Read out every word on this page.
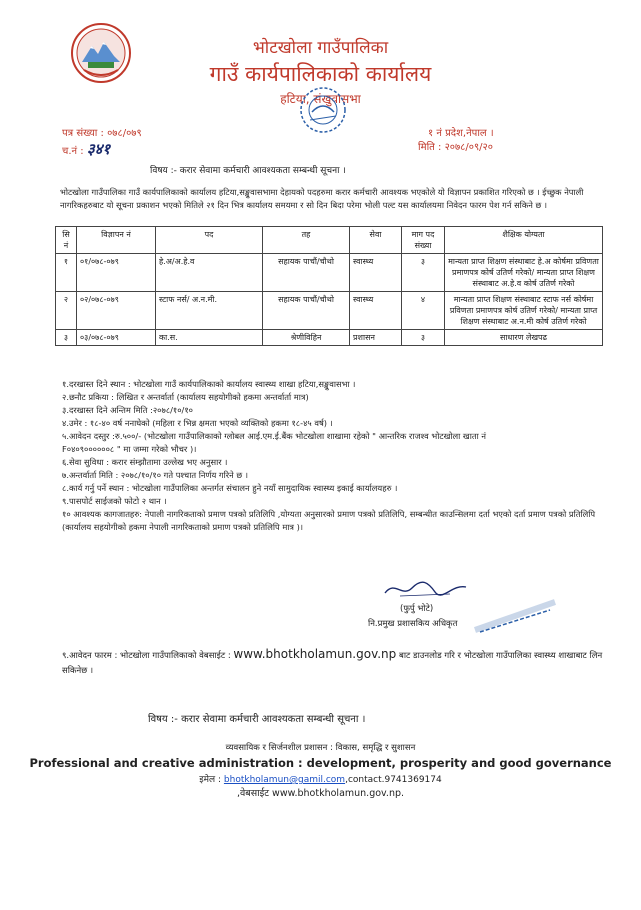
भोटखोला गाउँपालिका
गाउँ कार्यपालिकाको कार्यालय
हटिया, संखुवासभा
पत्र संख्या : ०७८/०७९
च.नं : ३४१
१ नं प्रदेश,नेपाल ।
मिति : २०७८/०९/२०
विषय :- करार सेवामा कर्मचारी आवश्यकता सम्बन्धी सूचना ।
भोटखोला गाउँपालिका गाउँ कार्यपालिकाको कार्यालय हटिया,सङ्खुवासभामा देहायको पदहरुमा करार कर्मचारी आवश्यक भएकोले यो विज्ञापन प्रकाशित गरिएको छ । ईच्छुक नेपाली नागरिकहरुबाट यो सूचना प्रकाशन भएको मितिले २१ दिन भित्र कार्यालय समयमा र सो दिन बिदा परेमा भोली पल्ट यस कार्यालयमा निवेदन फारम पेश गर्न सकिने छ ।
सि नं	विज्ञापन नं	पद	तह	सेवा	माग पद संख्या	शैक्षिक योग्यता
१	०१/०७८-०७९	हे.अ/अ.हे.व	सहायक पाचौं/चौथो	स्वास्थ्य	३	मान्यता प्राप्त शिक्षण संस्थाबाट हे.अ कोर्षमा प्रविणता प्रमाणपत्र कोर्ष उतिर्ण गरेको/ मान्यता प्राप्त शिक्षण संस्थाबाट अ.हे.व कोर्ष उतिर्ण गरेको
२	०२/०७८-०७९	स्टाफ नर्स/ अ.न.मी.	सहायक पाचौं/चौथो	स्वास्थ्य	४	मान्यता प्राप्त शिक्षण संस्थाबाट स्टाफ नर्स कोर्षमा प्रविणता प्रमाणपत्र कोर्ष उतिर्ण गरेको/ मान्यता प्राप्त शिक्षण संस्थाबाट अ.न.मी कोर्ष उतिर्ण गरेको
३	०३/०७८-०७९	का.स.	श्रेणीविहिन	प्रशासन	३	साधारण लेखपढ
१.दरखास्त दिने स्थान : भोटखोला गाउँ कार्यपालिकाको कार्यालय स्वास्थ्य शाखा हटिया,सङ्खुवासभा ।
२.छनौट प्रकिया : लिखित र अन्तर्वार्ता (कार्यालय सहयोगीको हकमा अन्तर्वार्ता मात्र)
३.दरखास्त दिने अन्तिम मिति :२०७८/१०/१०
४.उमेर : १८-४० वर्ष ननाघेको (महिला र भिन्न क्षमता भएको व्यक्तिको हकमा १८-४५ वर्ष) ।
५.आवेदन दस्तुर :रु.५००/- (भोटखोला गाउँपालिकाको ग्लोबल आई.एम.ई.बैंक भोटखोला शाखामा रहेको " आन्तरिक राजश्व भोटखोला खाता नं
F०४०९००००००८ " मा जम्मा गरेको भौचर )।
६.सेवा सुविधा : करार संम्झौतामा उल्लेख भए अनुसार ।
७.अन्तर्वार्ता मिति : २०७८/१०/१० गते पश्चात निर्णय गरिने छ ।
८.कार्य गर्नु पर्ने स्थान : भोटखोला गाउँपालिका अन्तर्गत संचालन हुने नयाँ सामुदायिक स्वास्थ्य इकाई कार्यालयहरु ।
९.पासपोर्ट साईजको फोटो २ थान ।
१० आवश्यक कागजातहरु: नेपाली नागरिकताको प्रमाण पत्रको प्रतिलिपि ,योग्यता अनुसारको प्रमाण पत्रको प्रतिलिपि, सम्बन्धीत काउन्सिलमा दर्ता भएको दर्ता प्रमाण पत्रको प्रतिलिपि (कार्यालय सहयोगीको हकमा नेपाली नागरिकताको प्रमाण पत्रको प्रतिलिपि मात्र )।
(फुर्पु भोटे)
नि.प्रमुख प्रशासकिय अधिकृत
९.आवेदन फारम : भोटखोला गाउँपालिकाको वेबसाईट : www.bhotkholamun.gov.np बाट डाउनलोड गरि र भोटखोला गाउँपालिका स्वास्थ्य शाखाबाट लिन सकिनेछ ।
विषय :- करार सेवामा कर्मचारी आवश्यकता सम्बन्धी सूचना ।
व्यवसायिक र सिर्जनशील प्रशासन : विकास, समृद्धि र सुशासन
Professional and creative administration : development, prosperity and good governance
इमेल : bhotkholamun@gamil.com,contact.9741369174
,वेबसाईट www.bhotkholamun.gov.np.
